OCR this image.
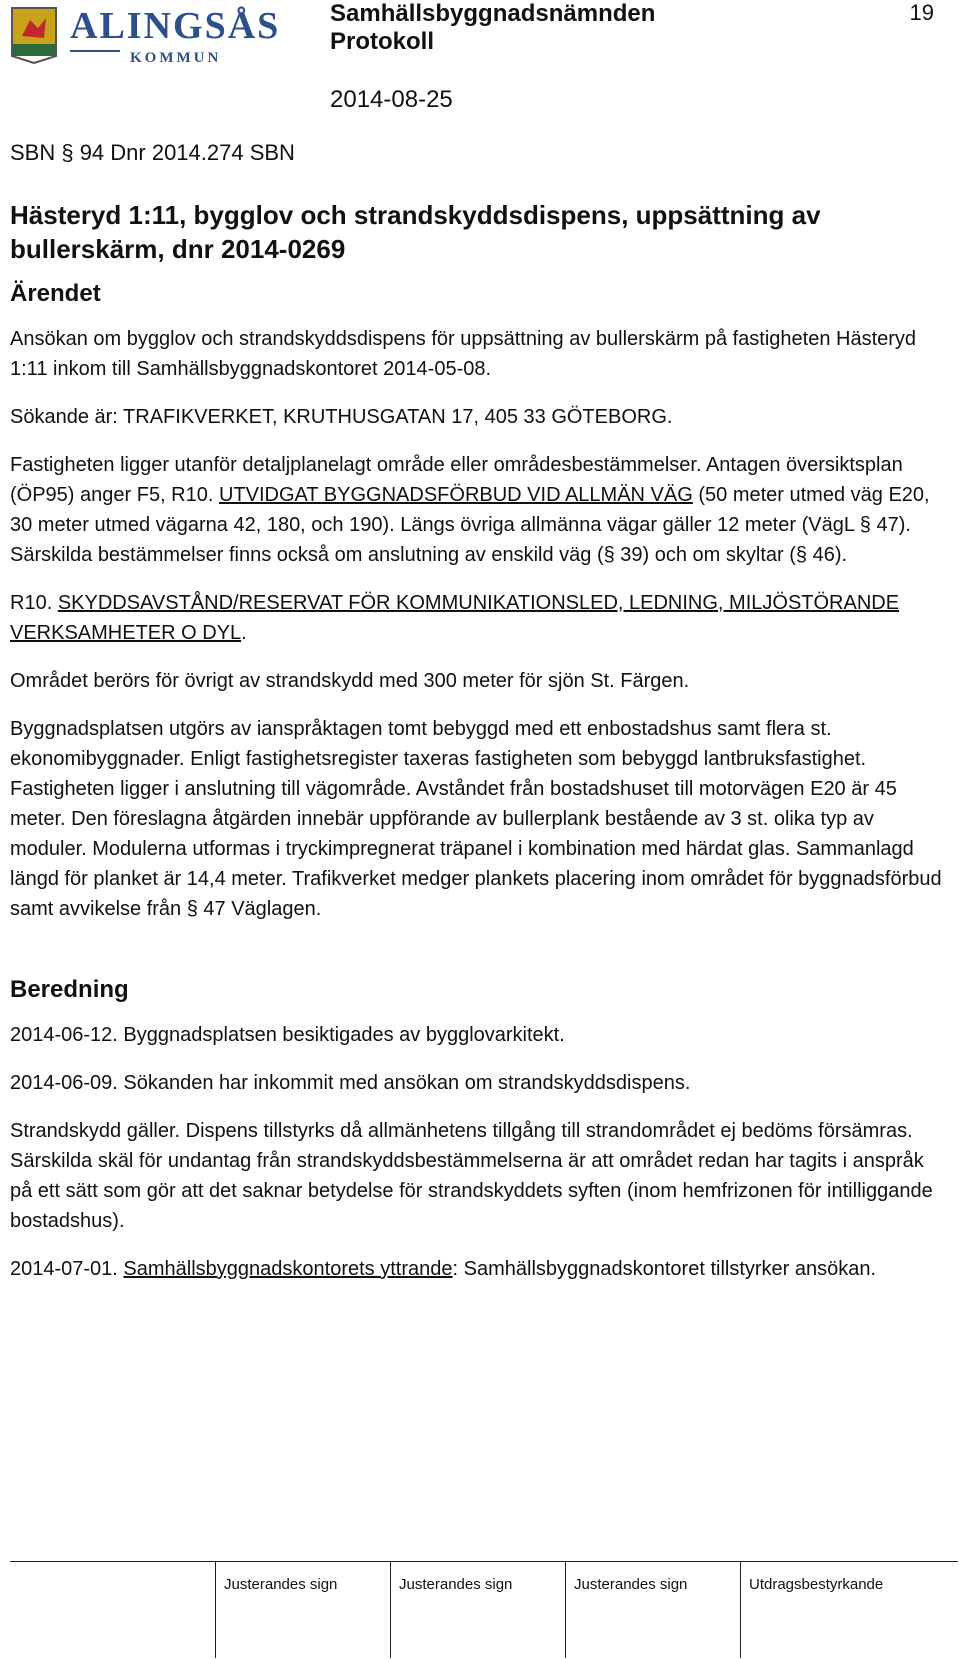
ALINGSÅS
KOMMUN
Samhällsbyggnadsnämnden
Protokoll
2014-08-25
19
SBN § 94 Dnr 2014.274 SBN
Hästeryd 1:11, bygglov och strandskyddsdispens, uppsättning av bullerskärm, dnr 2014-0269
Ärendet

Ansökan om bygglov och strandskyddsdispens för uppsättning av bullerskärm på fastigheten Hästeryd 1:11 inkom till Samhällsbyggnadskontoret 2014-05-08.

Sökande är: TRAFIKVERKET, KRUTHUSGATAN 17, 405 33 GÖTEBORG.

Fastigheten ligger utanför detaljplanelagt område eller områdesbestämmelser. Antagen översiktsplan (ÖP95) anger F5, R10. UTVIDGAT BYGGNADSFÖRBUD VID ALLMÄN VÄG (50 meter utmed väg E20, 30 meter utmed vägarna 42, 180, och 190). Längs övriga allmänna vägar gäller 12 meter (VägL § 47). Särskilda bestämmelser finns också om anslutning av enskild väg (§ 39) och om skyltar (§ 46).

R10. SKYDDSAVSTÅND/RESERVAT FÖR KOMMUNIKATIONSLED, LEDNING, MILJÖSTÖRANDE VERKSAMHETER O DYL.

Området berörs för övrigt av strandskydd med 300 meter för sjön St. Färgen.

Byggnadsplatsen utgörs av ianspråktagen tomt bebyggd med ett enbostadshus samt flera st. ekonomibyggnader. Enligt fastighetsregister taxeras fastigheten som bebyggd lantbruksfastighet. Fastigheten ligger i anslutning till vägområde. Avståndet från bostadshuset till motorvägen E20 är 45 meter. Den föreslagna åtgärden innebär uppförande av bullerplank bestående av 3 st. olika typ av moduler. Modulerna utformas i tryckimpregnerat träpanel i kombination med härdat glas. Sammanlagd längd för planket är 14,4 meter. Trafikverket medger plankets placering inom området för byggnadsförbud samt avvikelse från § 47 Väglagen.

Beredning

2014-06-12. Byggnadsplatsen besiktigades av bygglovarkitekt.

2014-06-09. Sökanden har inkommit med ansökan om strandskyddsdispens.

Strandskydd gäller. Dispens tillstyrks då allmänhetens tillgång till strandområdet ej bedöms försämras. Särskilda skäl för undantag från strandskyddsbestämmelserna är att området redan har tagits i anspråk på ett sätt som gör att det saknar betydelse för strandskyddets syften (inom hemfrizonen för intilliggande bostadshus).

2014-07-01. Samhällsbyggnadskontorets yttrande: Samhällsbyggnadskontoret tillstyrker ansökan.

Justerandes sign	Justerandes sign	Justerandes sign	Utdragsbestyrkande
